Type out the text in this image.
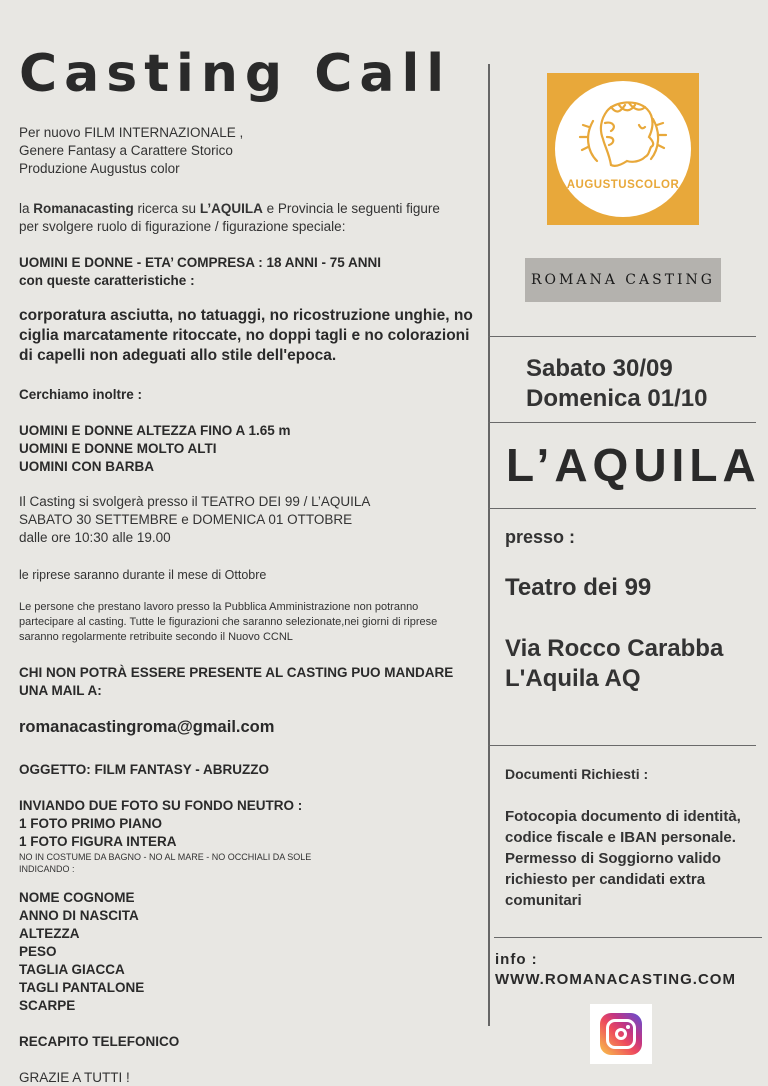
Casting Call
Per nuovo FILM INTERNAZIONALE ,
Genere Fantasy a Carattere Storico
Produzione Augustus color
la Romanacasting ricerca su L’AQUILA e Provincia le seguenti figure
per svolgere ruolo di figurazione / figurazione speciale:
UOMINI E DONNE - ETA’ COMPRESA : 18 ANNI - 75 ANNI
con queste caratteristiche :
corporatura asciutta, no tatuaggi, no ricostruzione unghie, no
ciglia marcatamente ritoccate, no doppi tagli e no colorazioni
di capelli non adeguati allo stile dell'epoca.
Cerchiamo inoltre :
UOMINI E DONNE ALTEZZA FINO A 1.65 m
UOMINI E DONNE MOLTO ALTI
UOMINI CON BARBA
Il Casting si svolgerà presso il TEATRO DEI 99 / L’AQUILA
SABATO 30 SETTEMBRE e DOMENICA 01 OTTOBRE
dalle ore 10:30 alle 19.00
le riprese saranno durante il mese di Ottobre
Le persone che prestano lavoro presso la Pubblica Amministrazione non potranno
partecipare al casting. Tutte le figurazioni che saranno selezionate,nei giorni di riprese
saranno regolarmente retribuite secondo il Nuovo CCNL
CHI NON POTRÀ ESSERE PRESENTE AL CASTING PUO MANDARE
UNA MAIL A:
romanacastingroma@gmail.com
OGGETTO: FILM FANTASY - ABRUZZO
INVIANDO DUE FOTO SU FONDO NEUTRO :
1 FOTO PRIMO PIANO
1 FOTO FIGURA INTERA
NO IN COSTUME DA BAGNO - NO AL MARE - NO OCCHIALI DA SOLE
INDICANDO :
NOME COGNOME
ANNO DI NASCITA
ALTEZZA
PESO
TAGLIA GIACCA
TAGLI PANTALONE
SCARPE
RECAPITO TELEFONICO
GRAZIE A TUTTI !
AUGUSTUSCOLOR
ROMANA CASTING
Sabato 30/09
Domenica 01/10
L’AQUILA
presso :
Teatro dei 99
Via Rocco Carabba
L'Aquila AQ
Documenti Richiesti :
Fotocopia documento di identità, codice fiscale e IBAN personale. Permesso di Soggiorno valido richiesto per candidati extra comunitari
info :
WWW.ROMANACASTING.COM
